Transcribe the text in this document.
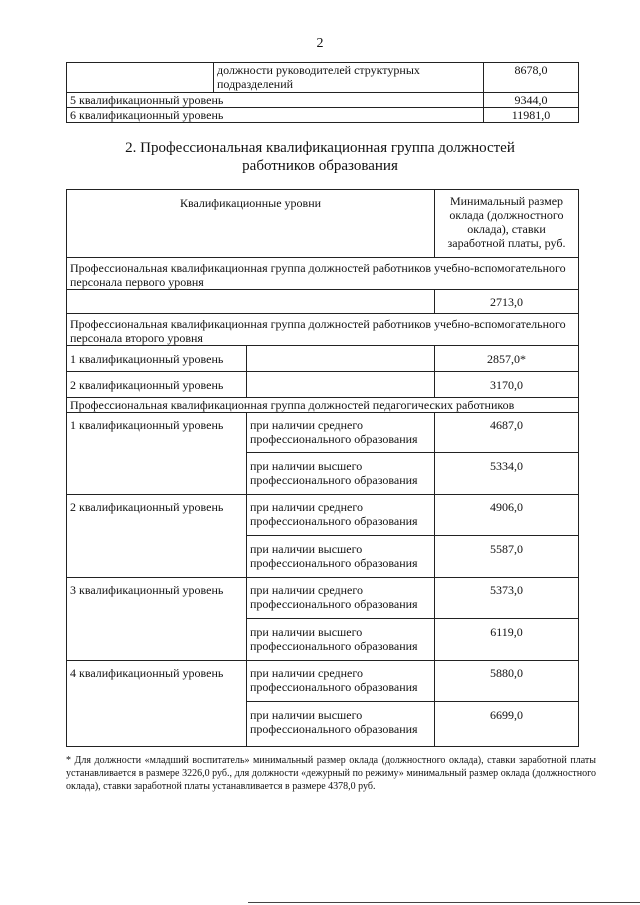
2
	должности руководителей структурных подразделений	8678,0
5 квалификационный уровень		9344,0
6 квалификационный уровень		11981,0
2. Профессиональная квалификационная группа должностей работников образования
Квалификационные уровни		Минимальный размер оклада (должностного оклада), ставки заработной платы, руб.
Профессиональная квалификационная группа должностей работников учебно-вспомогательного персонала первого уровня		
		2713,0
Профессиональная квалификационная группа должностей работников учебно-вспомогательного персонала второго уровня		
1 квалификационный уровень		2857,0*
2 квалификационный уровень		3170,0
Профессиональная квалификационная группа должностей педагогических работников		
1 квалификационный уровень	при наличии среднего профессионального образования	4687,0
	при наличии высшего профессионального образования	5334,0
2 квалификационный уровень	при наличии среднего профессионального образования	4906,0
	при наличии высшего профессионального образования	5587,0
3 квалификационный уровень	при наличии среднего профессионального образования	5373,0
	при наличии высшего профессионального образования	6119,0
4 квалификационный уровень	при наличии среднего профессионального образования	5880,0
	при наличии высшего профессионального образования	6699,0
* Для должности «младший воспитатель» минимальный размер оклада (должностного оклада), ставки заработной платы устанавливается в размере 3226,0 руб., для должности «дежурный по режиму» минимальный размер оклада (должностного оклада), ставки заработной платы устанавливается в размере 4378,0 руб.
